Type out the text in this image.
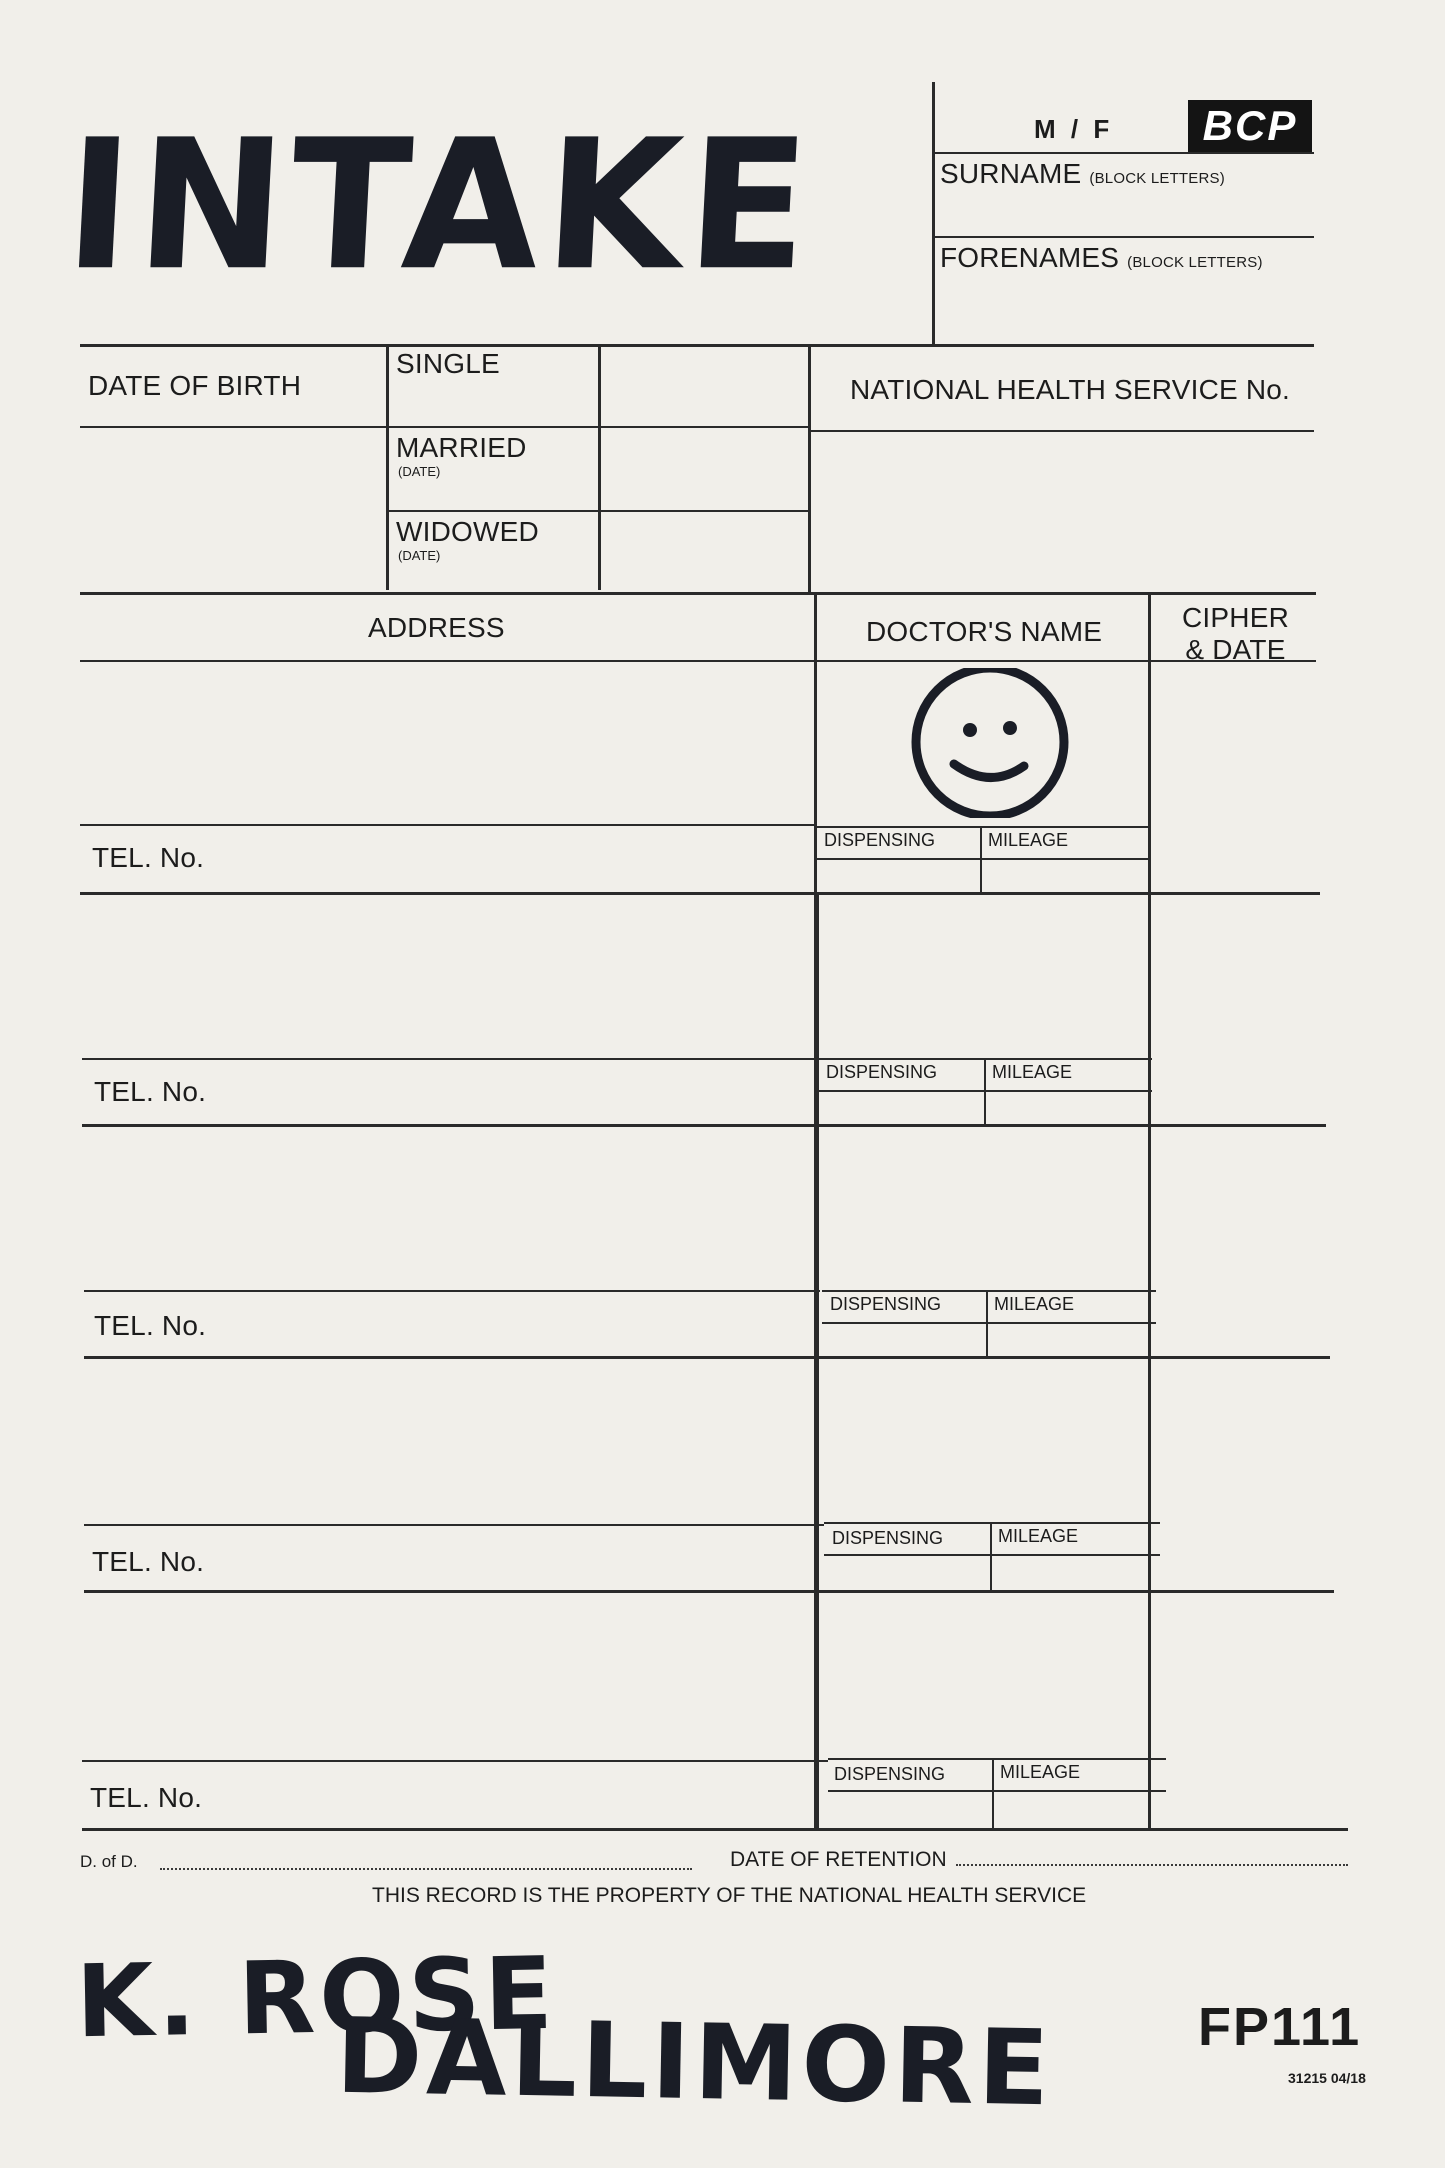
INTAKE	M / F	BCP
SURNAME (BLOCK LETTERS)
FORENAMES (BLOCK LETTERS)
DATE OF BIRTH
SINGLE
MARRIED
(DATE)
WIDOWED
(DATE)
NATIONAL HEALTH SERVICE No.
ADDRESS	DOCTOR'S NAME	CIPHER
& DATE
TEL. No.
DISPENSING	MILEAGE
TEL. No.
DISPENSING	MILEAGE
TEL. No.
DISPENSING	MILEAGE
TEL. No.
DISPENSING	MILEAGE
TEL. No.
DISPENSING	MILEAGE
D. of D.	DATE OF RETENTION
THIS RECORD IS THE PROPERTY OF THE NATIONAL HEALTH SERVICE
K. ROSE
DALLIMORE	FP111
31215 04/18
